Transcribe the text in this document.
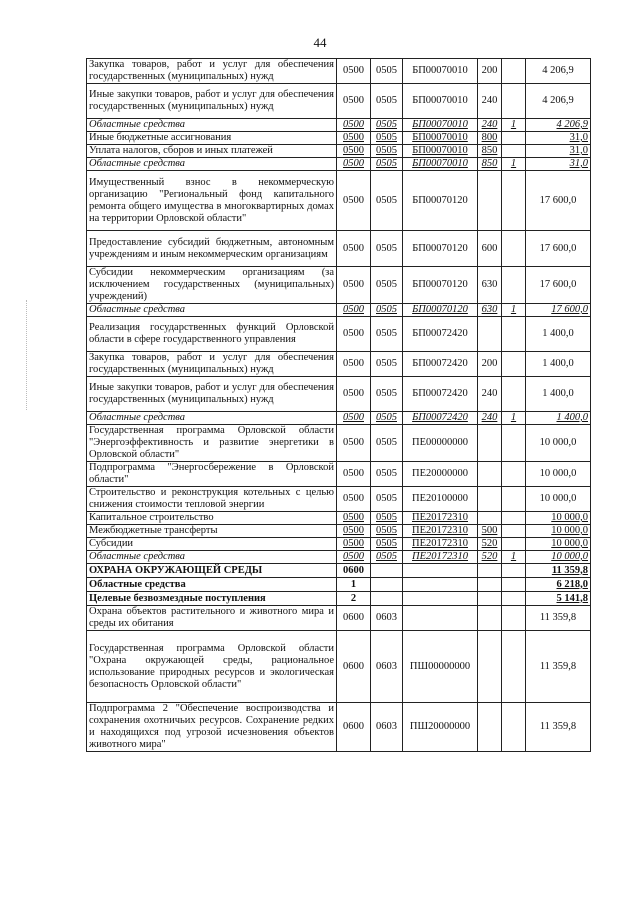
44
Закупка товаров, работ и услуг для обеспечения государственных (муниципальных) нужд	0500	0505	БП00070010	200		4 206,9
Иные закупки товаров, работ и услуг для обеспечения государственных (муниципальных) нужд	0500	0505	БП00070010	240		4 206,9
Областные средства	0500	0505	БП00070010	240	1	4 206,9
Иные бюджетные ассигнования	0500	0505	БП00070010	800		31,0
Уплата налогов, сборов и иных платежей	0500	0505	БП00070010	850		31,0
Областные средства	0500	0505	БП00070010	850	1	31,0
Имущественный взнос в некоммерческую организацию "Региональный фонд капитального ремонта общего имущества в многоквартирных домах на территории Орловской области"	0500	0505	БП00070120			17 600,0
Предоставление субсидий бюджетным, автономным учреждениям и иным некоммерческим организациям	0500	0505	БП00070120	600		17 600,0
Субсидии некоммерческим организациям (за исключением государственных (муниципальных) учреждений)	0500	0505	БП00070120	630		17 600,0
Областные средства	0500	0505	БП00070120	630	1	17 600,0
Реализация государственных функций Орловской области в сфере государственного управления	0500	0505	БП00072420			1 400,0
Закупка товаров, работ и услуг для обеспечения государственных (муниципальных) нужд	0500	0505	БП00072420	200		1 400,0
Иные закупки товаров, работ и услуг для обеспечения государственных (муниципальных) нужд	0500	0505	БП00072420	240		1 400,0
Областные средства	0500	0505	БП00072420	240	1	1 400,0
Государственная программа Орловской области "Энергоэффективность и развитие энергетики в Орловской области"	0500	0505	ПЕ00000000			10 000,0
Подпрограмма "Энергосбережение в Орловской области"	0500	0505	ПЕ20000000			10 000,0
Строительство и реконструкция котельных с целью снижения стоимости тепловой энергии	0500	0505	ПЕ20100000			10 000,0
Капитальное строительство	0500	0505	ПЕ20172310			10 000,0
Межбюджетные трансферты	0500	0505	ПЕ20172310	500		10 000,0
Субсидии	0500	0505	ПЕ20172310	520		10 000,0
Областные средства	0500	0505	ПЕ20172310	520	1	10 000,0
ОХРАНА ОКРУЖАЮЩЕЙ СРЕДЫ	0600					11 359,8
Областные средства	1					6 218,0
Целевые безвозмездные поступления	2					5 141,8
Охрана объектов растительного и животного мира и среды их обитания	0600	0603				11 359,8
Государственная программа Орловской области "Охрана окружающей среды, рациональное использование природных ресурсов и экологическая безопасность Орловской области"	0600	0603	ПШ00000000			11 359,8
Подпрограмма 2 "Обеспечение воспроизводства и сохранения охотничьих ресурсов. Сохранение редких и находящихся под угрозой исчезновения объектов животного мира"	0600	0603	ПШ20000000			11 359,8
